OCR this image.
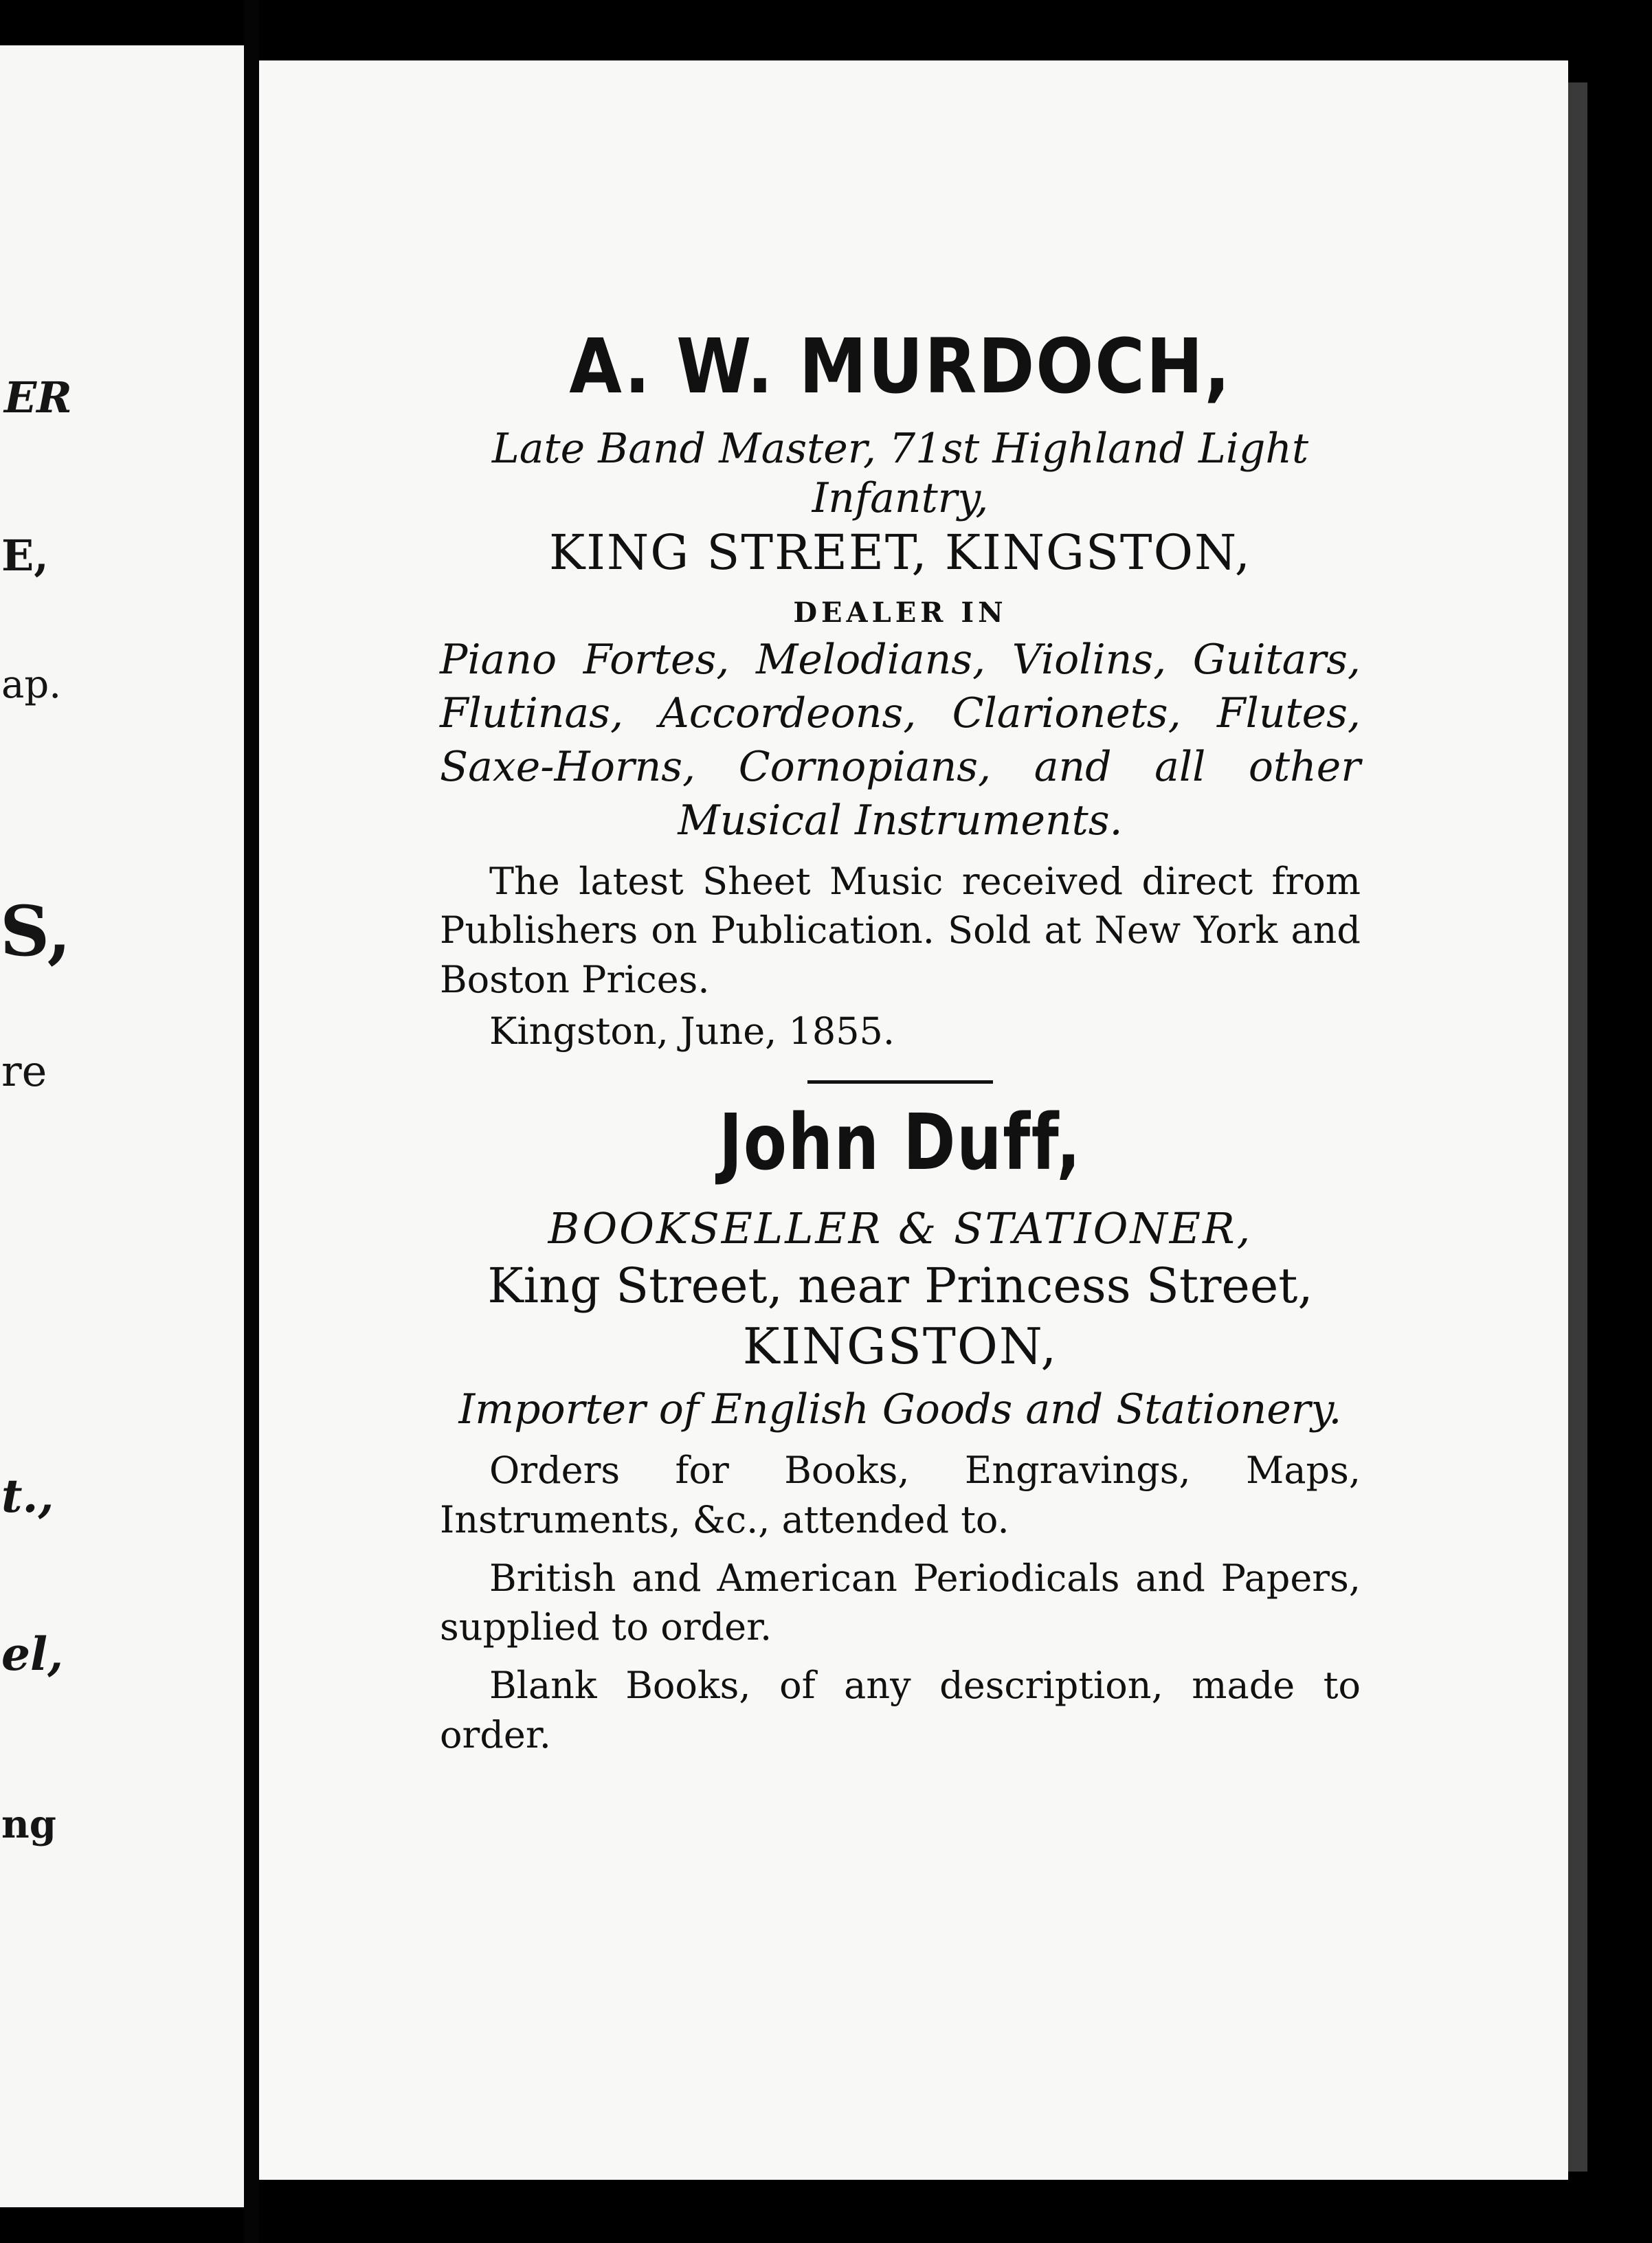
ER
E,
ap.
S,
re
t.,
el,
ng
A. W. MURDOCH,
Late Band Master, 71st Highland Light Infantry,
KING STREET, KINGSTON,
DEALER IN
Piano Fortes, Melodians, Violins, Guitars, Flutinas, Accordeons, Clarionets, Flutes, Saxe-Horns, Cornopians, and all other Musical Instruments.

The latest Sheet Music received direct from Publishers on Publication. Sold at New York and Boston Prices.

Kingston, June, 1855.
John Duff,
BOOKSELLER & STATIONER,
King Street, near Princess Street,
KINGSTON,
Importer of English Goods and Stationery.

Orders for Books, Engravings, Maps, Instruments, &c., attended to.

British and American Periodicals and Papers, supplied to order.

Blank Books, of any description, made to order.
